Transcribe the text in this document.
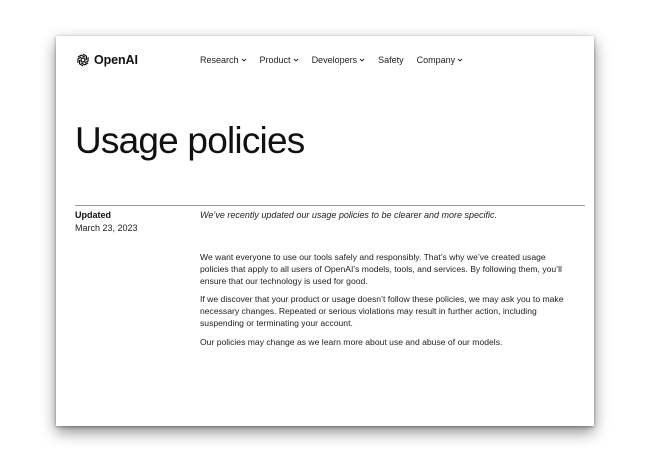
OpenAI	Research Product Developers Safety Company
Usage policies
Updated
March 23, 2023
We’ve recently updated our usage policies to be clearer and more specific.

We want everyone to use our tools safely and responsibly. That’s why we’ve created usage policies that apply to all users of OpenAI’s models, tools, and services. By following them, you’ll ensure that our technology is used for good.

If we discover that your product or usage doesn’t follow these policies, we may ask you to make necessary changes. Repeated or serious violations may result in further action, including suspending or terminating your account.

Our policies may change as we learn more about use and abuse of our models.
